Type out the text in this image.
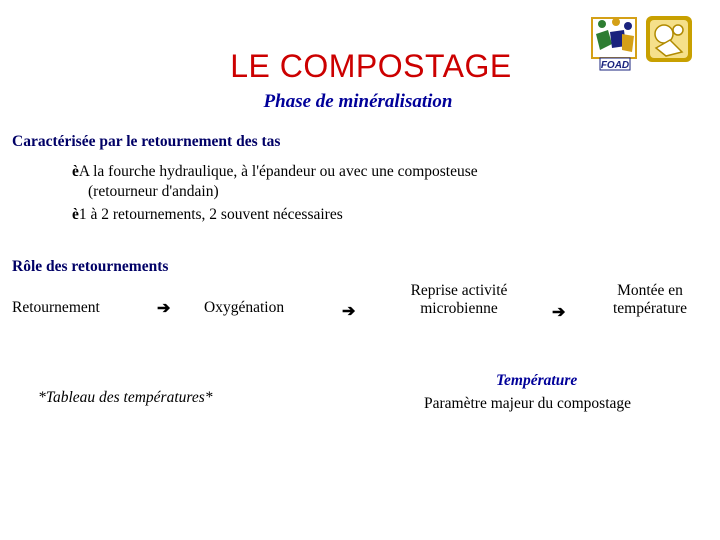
FOAD
LE COMPOSTAGE
Phase de minéralisation
Caractérisée par le retournement des tas
èA la fourche hydraulique, à l'épandeur ou avec une composteuse
(retourneur d'andain)
è1 à 2 retournements, 2 souvent nécessaires
Rôle des retournements
Retournement	➔ Oxygénation	➔
Reprise activité
microbienne	➔
Montée en
température
*Tableau des températures*
Température
Paramètre majeur du compostage
